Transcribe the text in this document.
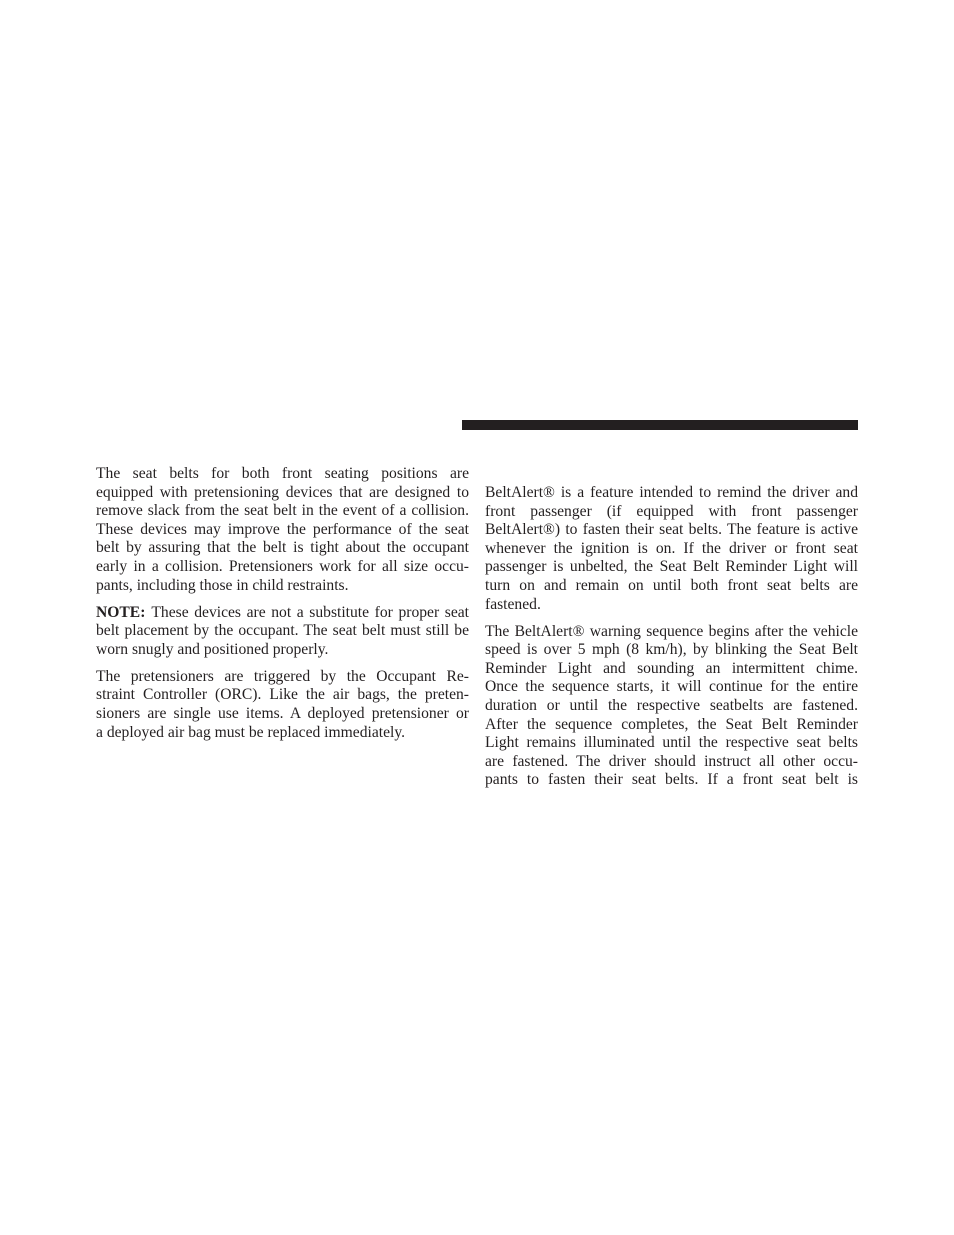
The seat belts for both front seating positions are
equipped with pretensioning devices that are designed to
remove slack from the seat belt in the event of a collision.
These devices may improve the performance of the seat
belt by assuring that the belt is tight about the occupant
early in a collision. Pretensioners work for all size occu-
pants, including those in child restraints.
NOTE: These devices are not a substitute for proper seat
belt placement by the occupant. The seat belt must still be
worn snugly and positioned properly.
The pretensioners are triggered by the Occupant Re-
straint Controller (ORC). Like the air bags, the preten-
sioners are single use items. A deployed pretensioner or
a deployed air bag must be replaced immediately.
BeltAlert® is a feature intended to remind the driver and
front passenger (if equipped with front passenger
BeltAlert®) to fasten their seat belts. The feature is active
whenever the ignition is on. If the driver or front seat
passenger is unbelted, the Seat Belt Reminder Light will
turn on and remain on until both front seat belts are
fastened.
The BeltAlert® warning sequence begins after the vehicle
speed is over 5 mph (8 km/h), by blinking the Seat Belt
Reminder Light and sounding an intermittent chime.
Once the sequence starts, it will continue for the entire
duration or until the respective seatbelts are fastened.
After the sequence completes, the Seat Belt Reminder
Light remains illuminated until the respective seat belts
are fastened. The driver should instruct all other occu-
pants to fasten their seat belts. If a front seat belt is
